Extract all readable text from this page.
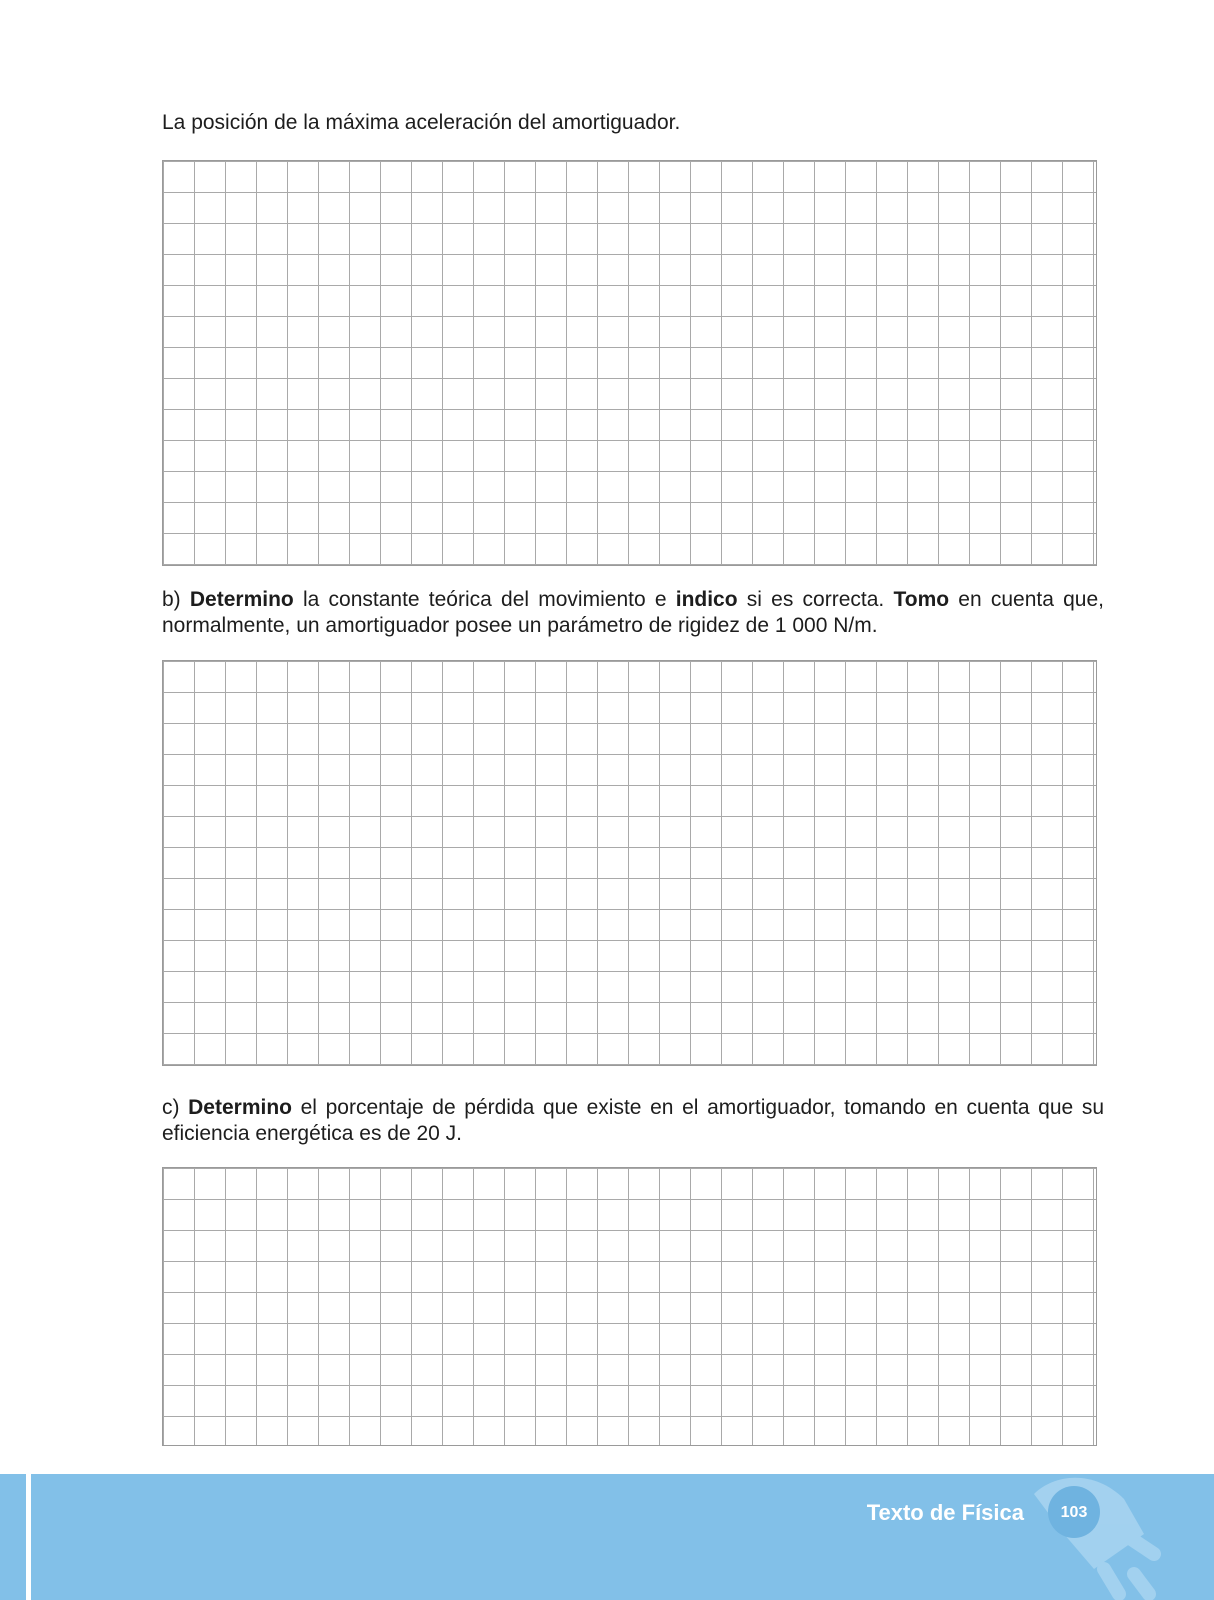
La posición de la máxima aceleración del amortiguador.
b) Determino la constante teórica del movimiento e indico si es correcta. Tomo en cuenta que, normalmente, un amortiguador posee un parámetro de rigidez de 1 000 N/m.
c) Determino el porcentaje de pérdida que existe en el amortiguador, tomando en cuenta que su eficiencia energética es de 20 J.
Texto de Física	103
